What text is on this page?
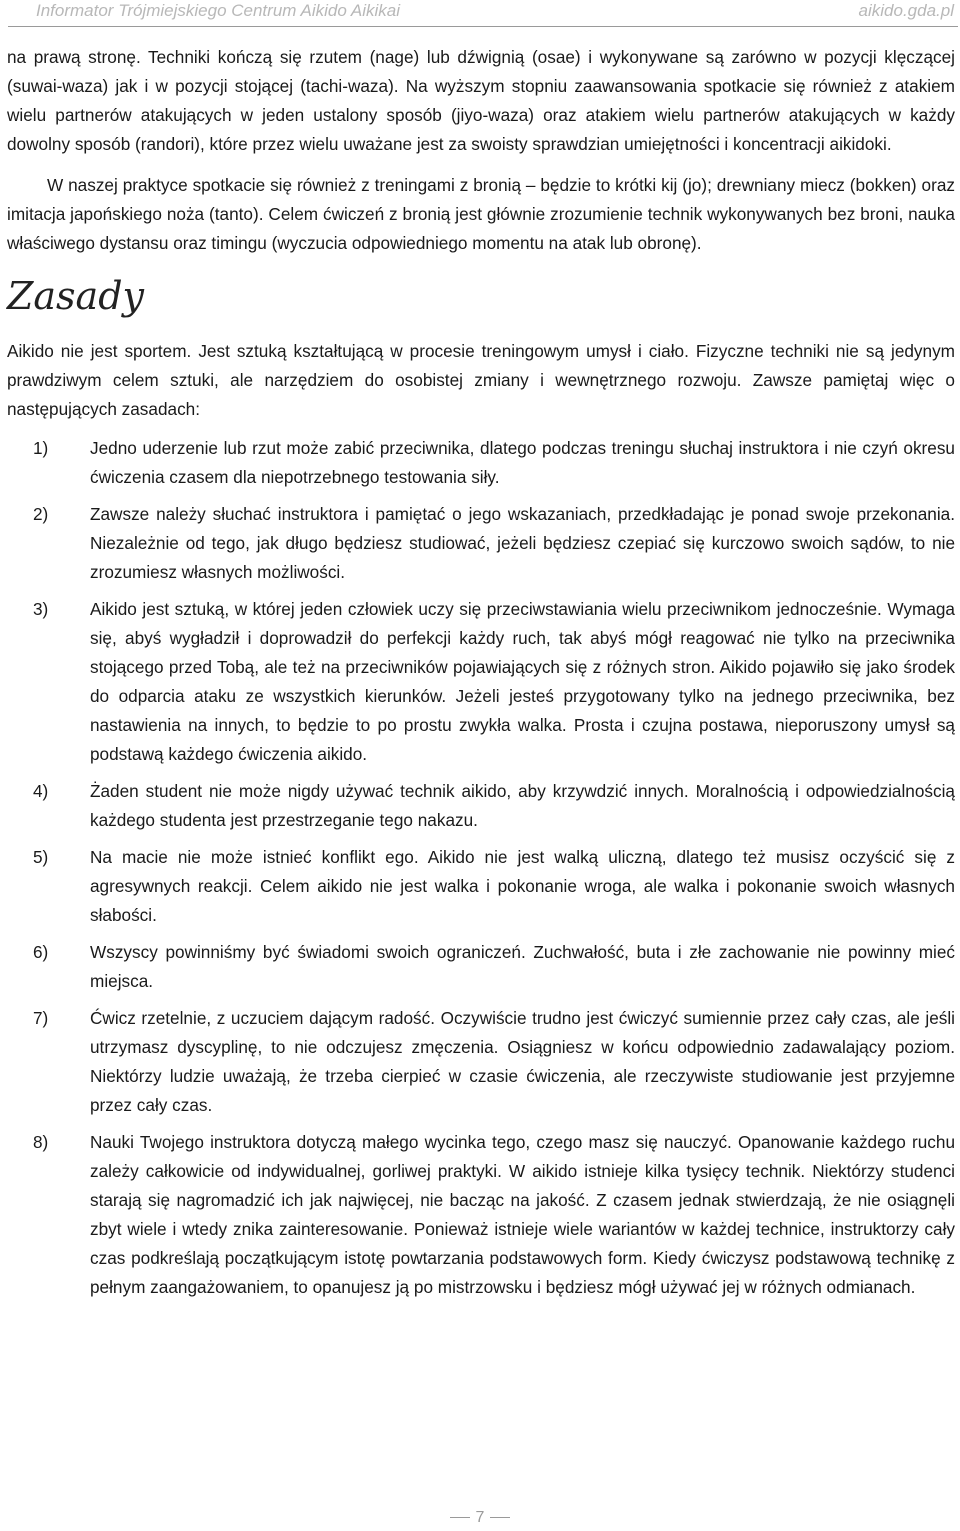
Informator Trójmiejskiego Centrum Aikido Aikikai	aikido.gda.pl

na prawą stronę. Techniki kończą się rzutem (nage) lub dźwignią (osae) i wykonywane są zarówno w pozycji klęczącej (suwai-waza) jak i w pozycji stojącej (tachi-waza). Na wyższym stopniu zaawansowania spotkacie się również z atakiem wielu partnerów atakujących w jeden ustalony sposób (jiyo-waza) oraz atakiem wielu partnerów atakujących w każdy dowolny sposób (randori), które przez wielu uważane jest za swoisty sprawdzian umiejętności i koncentracji aikidoki.

W naszej praktyce spotkacie się również z treningami z bronią – będzie to krótki kij (jo); drewniany miecz (bokken) oraz imitacja japońskiego noża (tanto). Celem ćwiczeń z bronią jest głównie zrozumienie technik wykonywanych bez broni, nauka właściwego dystansu oraz timingu (wyczucia odpowiedniego momentu na atak lub obronę).

Zasady

Aikido nie jest sportem. Jest sztuką kształtującą w procesie treningowym umysł i ciało. Fizyczne techniki nie są jedynym prawdziwym celem sztuki, ale narzędziem do osobistej zmiany i wewnętrznego rozwoju. Zawsze pamiętaj więc o następujących zasadach:

1)	Jedno uderzenie lub rzut może zabić przeciwnika, dlatego podczas treningu słuchaj instruktora i nie czyń okresu ćwiczenia czasem dla niepotrzebnego testowania siły.
2)	Zawsze należy słuchać instruktora i pamiętać o jego wskazaniach, przedkładając je ponad swoje przekonania. Niezależnie od tego, jak długo będziesz studiować, jeżeli będziesz czepiać się kurczowo swoich sądów, to nie zrozumiesz własnych możliwości.
3)	Aikido jest sztuką, w której jeden człowiek uczy się przeciwstawiania wielu przeciwnikom jednocześnie. Wymaga się, abyś wygładził i doprowadził do perfekcji każdy ruch, tak abyś mógł reagować nie tylko na przeciwnika stojącego przed Tobą, ale też na przeciwników pojawiających się z różnych stron. Aikido pojawiło się jako środek do odparcia ataku ze wszystkich kierunków. Jeżeli jesteś przygotowany tylko na jednego przeciwnika, bez nastawienia na innych, to będzie to po prostu zwykła walka. Prosta i czujna postawa, nieporuszony umysł są podstawą każdego ćwiczenia aikido.
4)	Żaden student nie może nigdy używać technik aikido, aby krzywdzić innych. Moralnością i odpowiedzialnością każdego studenta jest przestrzeganie tego nakazu.
5)	Na macie nie może istnieć konflikt ego. Aikido nie jest walką uliczną, dlatego też musisz oczyścić się z agresywnych reakcji. Celem aikido nie jest walka i pokonanie wroga, ale walka i pokonanie swoich własnych słabości.
6)	Wszyscy powinniśmy być świadomi swoich ograniczeń. Zuchwałość, buta i złe zachowanie nie powinny mieć miejsca.
7)	Ćwicz rzetelnie, z uczuciem dającym radość. Oczywiście trudno jest ćwiczyć sumiennie przez cały czas, ale jeśli utrzymasz dyscyplinę, to nie odczujesz zmęczenia. Osiągniesz w końcu odpowiednio zadawalający poziom. Niektórzy ludzie uważają, że trzeba cierpieć w czasie ćwiczenia, ale rzeczywiste studiowanie jest przyjemne przez cały czas.
8)	Nauki Twojego instruktora dotyczą małego wycinka tego, czego masz się nauczyć. Opanowanie każdego ruchu zależy całkowicie od indywidualnej, gorliwej praktyki. W aikido istnieje kilka tysięcy technik. Niektórzy studenci starają się nagromadzić ich jak najwięcej, nie bacząc na jakość. Z czasem jednak stwierdzają, że nie osiągnęli zbyt wiele i wtedy znika zainteresowanie. Ponieważ istnieje wiele wariantów w każdej technice, instruktorzy cały czas podkreślają początkującym istotę powtarzania podstawowych form. Kiedy ćwiczysz podstawową technikę z pełnym zaangażowaniem, to opanujesz ją po mistrzowsku i będziesz mógł używać jej w różnych odmianach.
7
